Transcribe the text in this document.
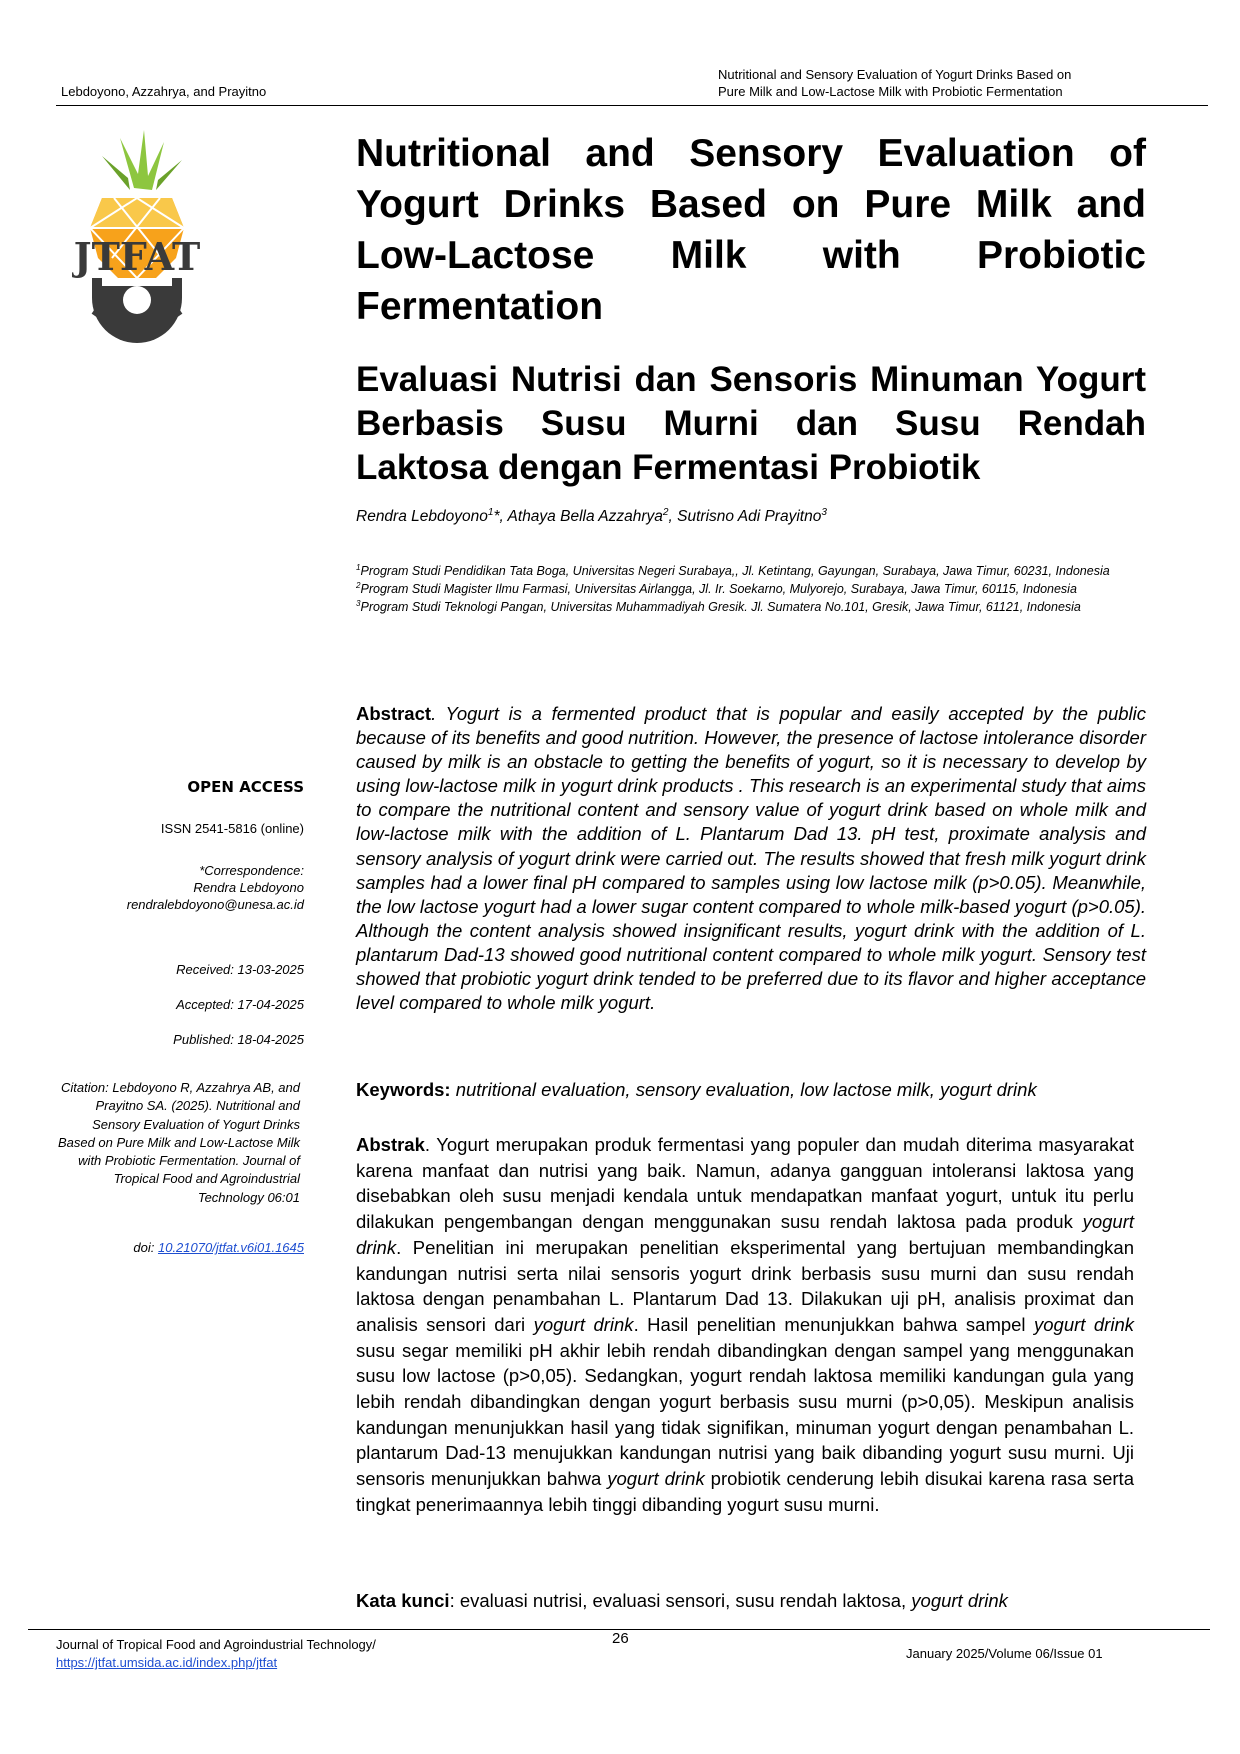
Lebdoyono, Azzahrya, and Prayitno
Nutritional and Sensory Evaluation of Yogurt Drinks Based on
Pure Milk and Low-Lactose Milk with Probiotic Fermentation
JTFAT
Nutritional and Sensory Evaluation of Yogurt Drinks Based on Pure Milk and Low-Lactose Milk with Probiotic Fermentation
Evaluasi Nutrisi dan Sensoris Minuman Yogurt Berbasis Susu Murni dan Susu Rendah Laktosa dengan Fermentasi Probiotik
Rendra Lebdoyono$^1$*, Athaya Bella Azzahrya$^2$, Sutrisno Adi Prayitno$^3$
$^1$Program Studi Pendidikan Tata Boga, Universitas Negeri Surabaya,, Jl. Ketintang, Gayungan, Surabaya, Jawa Timur, 60231, Indonesia
$^2$Program Studi Magister Ilmu Farmasi, Universitas Airlangga, Jl. Ir. Soekarno, Mulyorejo, Surabaya, Jawa Timur, 60115, Indonesia
$^3$Program Studi Teknologi Pangan, Universitas Muhammadiyah Gresik. Jl. Sumatera No.101, Gresik, Jawa Timur, 61121, Indonesia
OPEN ACCESS
ISSN 2541-5816 (online)
*Correspondence:
Rendra Lebdoyono
rendralebdoyono@unesa.ac.id
Received: 13-03-2025
Accepted: 17-04-2025
Published: 18-04-2025
Citation: Lebdoyono R, Azzahrya AB, and Prayitno SA. (2025). Nutritional and Sensory Evaluation of Yogurt Drinks Based on Pure Milk and Low-Lactose Milk with Probiotic Fermentation. Journal of Tropical Food and Agroindustrial Technology 06:01
doi: 10.21070/jtfat.v6i01.1645
Abstract. Yogurt is a fermented product that is popular and easily accepted by the public because of its benefits and good nutrition. However, the presence of lactose intolerance disorder caused by milk is an obstacle to getting the benefits of yogurt, so it is necessary to develop by using low-lactose milk in yogurt drink products . This research is an experimental study that aims to compare the nutritional content and sensory value of yogurt drink based on whole milk and low-lactose milk with the addition of L. Plantarum Dad 13. pH test, proximate analysis and sensory analysis of yogurt drink were carried out. The results showed that fresh milk yogurt drink samples had a lower final pH compared to samples using low lactose milk (p>0.05). Meanwhile, the low lactose yogurt had a lower sugar content compared to whole milk-based yogurt (p>0.05). Although the content analysis showed insignificant results, yogurt drink with the addition of L. plantarum Dad-13 showed good nutritional content compared to whole milk yogurt. Sensory test showed that probiotic yogurt drink tended to be preferred due to its flavor and higher acceptance level compared to whole milk yogurt.
Keywords: nutritional evaluation, sensory evaluation, low lactose milk, yogurt drink
Abstrak. Yogurt merupakan produk fermentasi yang populer dan mudah diterima masyarakat karena manfaat dan nutrisi yang baik. Namun, adanya gangguan intoleransi laktosa yang disebabkan oleh susu menjadi kendala untuk mendapatkan manfaat yogurt, untuk itu perlu dilakukan pengembangan dengan menggunakan susu rendah laktosa pada produk yogurt drink. Penelitian ini merupakan penelitian eksperimental yang bertujuan membandingkan kandungan nutrisi serta nilai sensoris yogurt drink berbasis susu murni dan susu rendah laktosa dengan penambahan L. Plantarum Dad 13. Dilakukan uji pH, analisis proximat dan analisis sensori dari yogurt drink. Hasil penelitian menunjukkan bahwa sampel yogurt drink susu segar memiliki pH akhir lebih rendah dibandingkan dengan sampel yang menggunakan susu low lactose (p>0,05). Sedangkan, yogurt rendah laktosa memiliki kandungan gula yang lebih rendah dibandingkan dengan yogurt berbasis susu murni (p>0,05). Meskipun analisis kandungan menunjukkan hasil yang tidak signifikan, minuman yogurt dengan penambahan L. plantarum Dad-13 menujukkan kandungan nutrisi yang baik dibanding yogurt susu murni. Uji sensoris menunjukkan bahwa yogurt drink probiotik cenderung lebih disukai karena rasa serta tingkat penerimaannya lebih tinggi dibanding yogurt susu murni.
Kata kunci: evaluasi nutrisi, evaluasi sensori, susu rendah laktosa, yogurt drink
Journal of Tropical Food and Agroindustrial Technology/
https://jtfat.umsida.ac.id/index.php/jtfat
26
January 2025/Volume 06/Issue 01
